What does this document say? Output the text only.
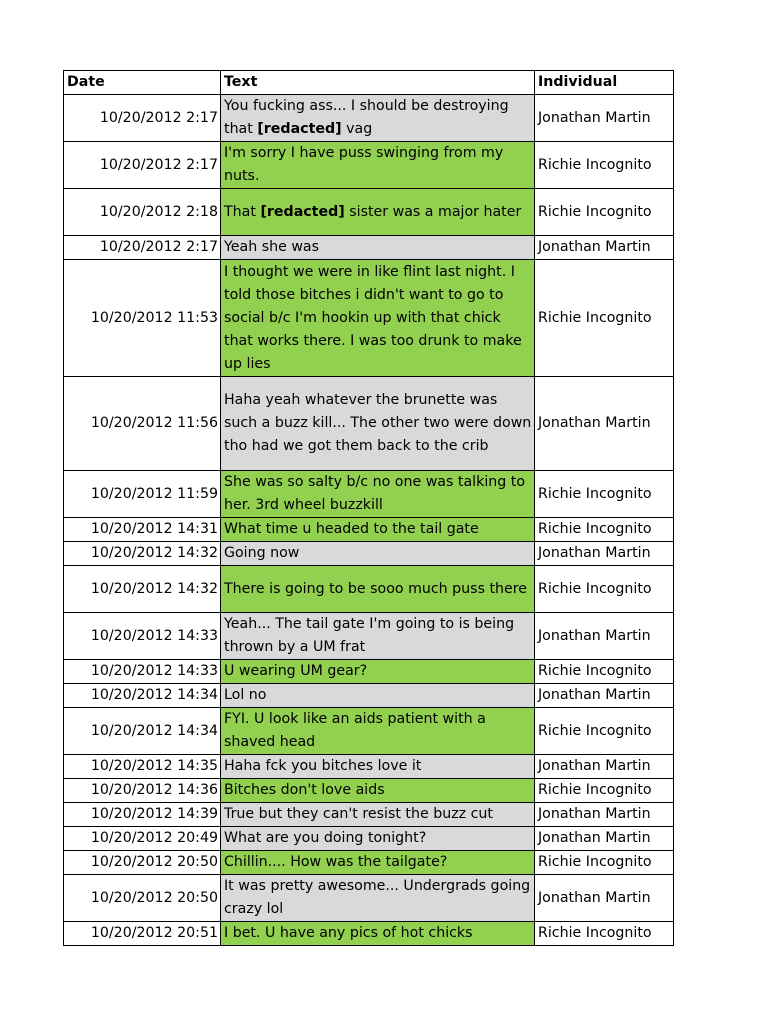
Date	Text	Individual
10/20/2012 2:17	You fucking ass... I should be destroying that [redacted] vag	Jonathan Martin
10/20/2012 2:17	I'm sorry I have puss swinging from my nuts.	Richie Incognito
10/20/2012 2:18	That [redacted] sister was a major hater	Richie Incognito
10/20/2012 2:17	Yeah she was	Jonathan Martin
10/20/2012 11:53	I thought we were in like flint last night. I told those bitches i didn't want to go to social b/c I'm hookin up with that chick that works there. I was too drunk to make up lies	Richie Incognito
10/20/2012 11:56	Haha yeah whatever the brunette was such a buzz kill... The other two were down tho had we got them back to the crib	Jonathan Martin
10/20/2012 11:59	She was so salty b/c no one was talking to her. 3rd wheel buzzkill	Richie Incognito
10/20/2012 14:31	What time u headed to the tail gate	Richie Incognito
10/20/2012 14:32	Going now	Jonathan Martin
10/20/2012 14:32	There is going to be sooo much puss there	Richie Incognito
10/20/2012 14:33	Yeah... The tail gate I'm going to is being thrown by a UM frat	Jonathan Martin
10/20/2012 14:33	U wearing UM gear?	Richie Incognito
10/20/2012 14:34	Lol no	Jonathan Martin
10/20/2012 14:34	FYI. U look like an aids patient with a shaved head	Richie Incognito
10/20/2012 14:35	Haha fck you bitches love it	Jonathan Martin
10/20/2012 14:36	Bitches don't love aids	Richie Incognito
10/20/2012 14:39	True but they can't resist the buzz cut	Jonathan Martin
10/20/2012 20:49	What are you doing tonight?	Jonathan Martin
10/20/2012 20:50	Chillin.... How was the tailgate?	Richie Incognito
10/20/2012 20:50	It was pretty awesome... Undergrads going crazy lol	Jonathan Martin
10/20/2012 20:51	I bet. U have any pics of hot chicks	Richie Incognito
